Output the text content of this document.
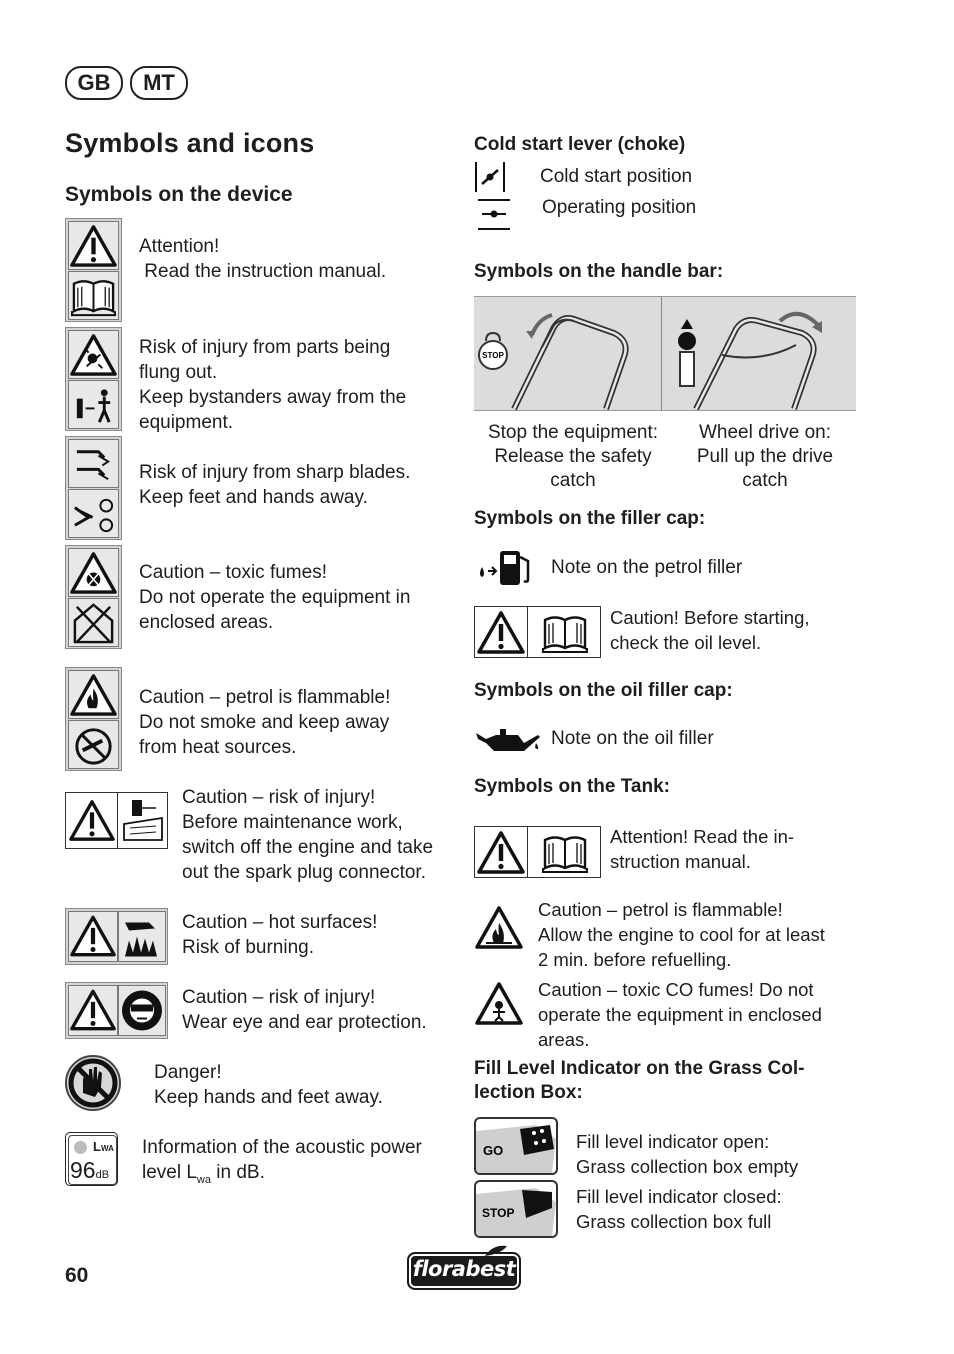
GB	MT
Symbols and icons
Symbols on the device
LWA
96dB
Attention!
Read the instruction manual.
Risk of injury from parts being
flung out.
Keep bystanders away from the
equipment.
Risk of injury from sharp blades.
Keep feet and hands away.
Caution – toxic fumes!
Do not operate the equipment in
enclosed areas.
Caution – petrol is flammable!
Do not smoke and keep away
from heat sources.
Caution – risk of injury!
Before maintenance work,
switch off the engine and take
out the spark plug connector.
Caution – hot surfaces!
Risk of burning.
Caution – risk of injury!
Wear eye and ear protection.
Danger!
Keep hands and feet away.
Information of the acoustic power
level $L_{wa}$ in dB.
Cold start lever (choke)
Cold start position
Operating position
Symbols on the handle bar:
STOP
Stop the equipment:
Release the safety
catch
Wheel drive on:
Pull up the drive
catch
Symbols on the filler cap:
Note on the petrol filler
Caution! Before starting,
check the oil level.
Symbols on the oil filler cap:
Note on the oil filler
Symbols on the Tank:
Attention! Read the in-
struction manual.
Caution – petrol is flammable!
Allow the engine to cool for at least
2 min. before refuelling.
Caution – toxic CO fumes! Do not
operate the equipment in enclosed
areas.
Fill Level Indicator on the Grass Col-
lection Box:
GO	Fill level indicator open:
Grass collection box empty
STOP
Fill level indicator closed:
Grass collection box full
60	florabest
